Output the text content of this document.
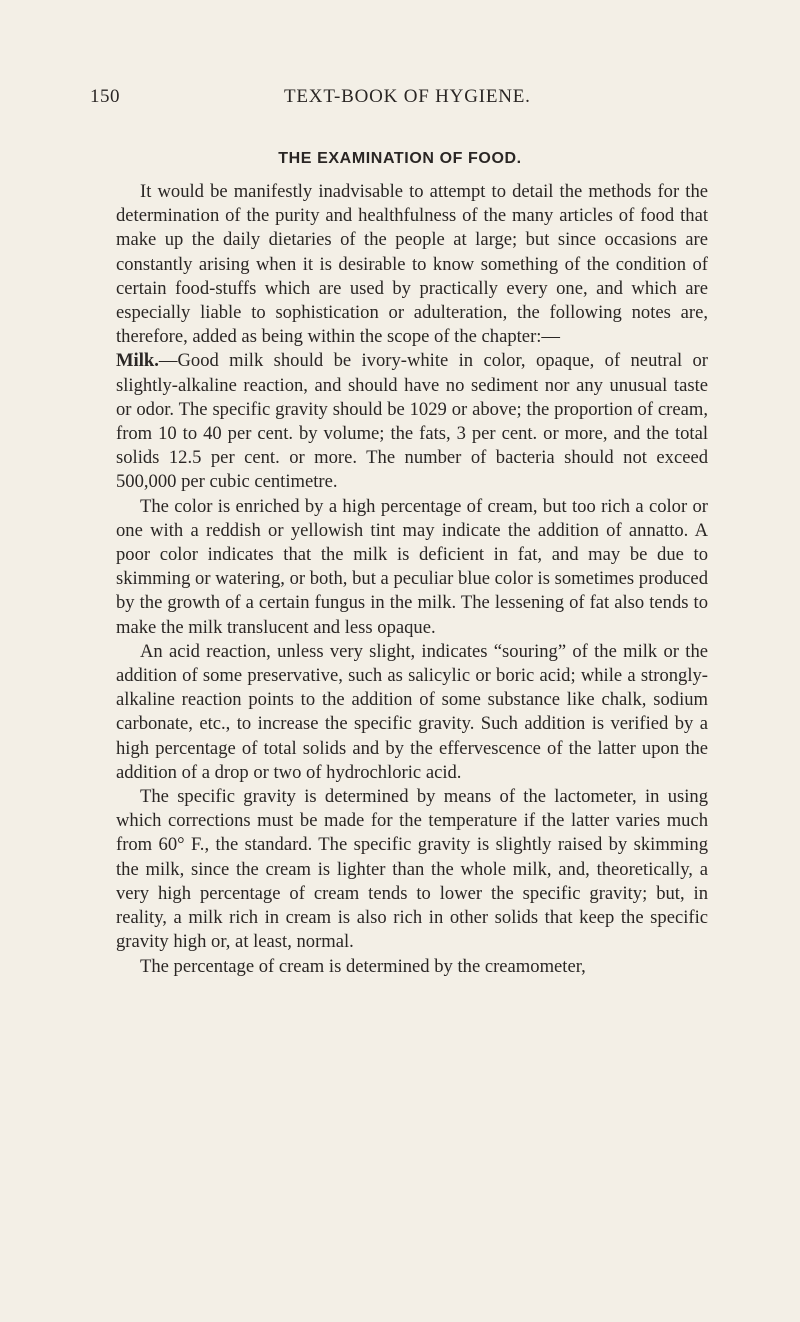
150	TEXT-BOOK OF HYGIENE.
THE EXAMINATION OF FOOD.

It would be manifestly inadvisable to attempt to detail the methods for the determination of the purity and healthfulness of the many articles of food that make up the daily dietaries of the people at large; but since occasions are constantly arising when it is desirable to know something of the condition of certain food-stuffs which are used by practically every one, and which are especially liable to sophistication or adulteration, the following notes are, therefore, added as being within the scope of the chapter:—

Milk.—Good milk should be ivory-white in color, opaque, of neutral or slightly-alkaline reaction, and should have no sediment nor any unusual taste or odor. The specific gravity should be 1029 or above; the proportion of cream, from 10 to 40 per cent. by volume; the fats, 3 per cent. or more, and the total solids 12.5 per cent. or more. The number of bacteria should not exceed 500,000 per cubic centimetre.

The color is enriched by a high percentage of cream, but too rich a color or one with a reddish or yellowish tint may indicate the addition of annatto. A poor color indicates that the milk is deficient in fat, and may be due to skimming or watering, or both, but a peculiar blue color is sometimes produced by the growth of a certain fungus in the milk. The lessening of fat also tends to make the milk translucent and less opaque.

An acid reaction, unless very slight, indicates “souring” of the milk or the addition of some preservative, such as salicylic or boric acid; while a strongly-alkaline reaction points to the addition of some substance like chalk, sodium carbonate, etc., to increase the specific gravity. Such addition is verified by a high percentage of total solids and by the effervescence of the latter upon the addition of a drop or two of hydrochloric acid.

The specific gravity is determined by means of the lactometer, in using which corrections must be made for the temperature if the latter varies much from 60° F., the standard. The specific gravity is slightly raised by skimming the milk, since the cream is lighter than the whole milk, and, theoretically, a very high percentage of cream tends to lower the specific gravity; but, in reality, a milk rich in cream is also rich in other solids that keep the specific gravity high or, at least, normal.

The percentage of cream is determined by the creamometer,
